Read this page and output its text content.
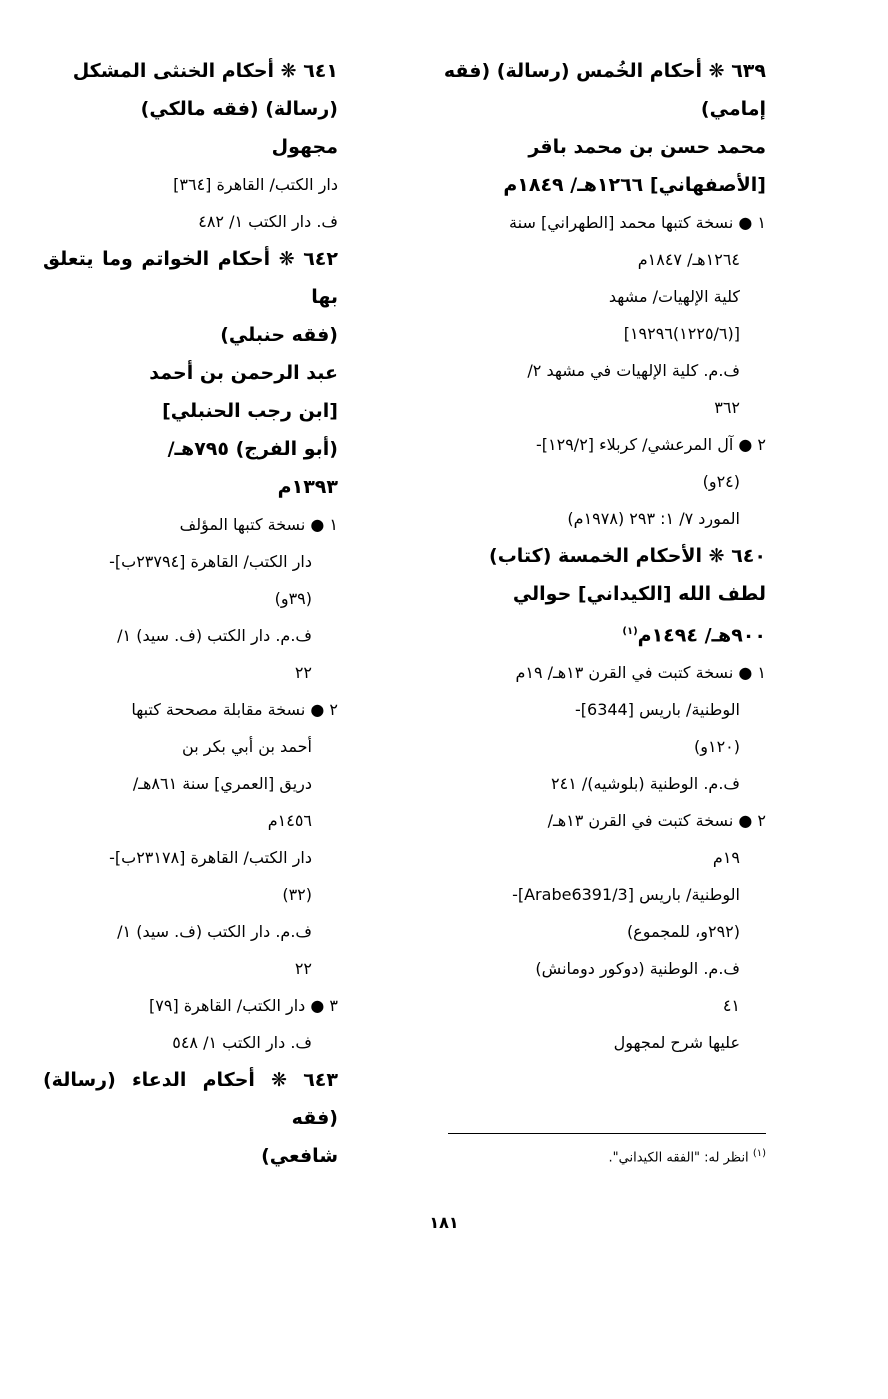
٦٣٩ ❋ أحكام الخُمس (رسالة) (فقه
إمامي)
محمد حسن بن محمد باقر
[الأصفهاني] ١٢٦٦هـ/ ١٨٤٩م
١ ● نسخة كتبها محمد [الطهراني] سنة
١٢٦٤هـ/ ١٨٤٧م
كلية الإلهيات/ مشهد
[(١٢٢٥/٦)١٩٢٩٦]
ف.م. كلية الإلهيات في مشهد ٢/
٣٦٢
٢ ● آل المرعشي/ كربلاء [١٢٩/٢]-
(٢٤و)
المورد ٧/ ١: ٢٩٣ (١٩٧٨م)
٦٤٠ ❋ الأحكام الخمسة (كتاب)
لطف الله [الكيداني] حوالي
٩٠٠هـ/ ١٤٩٤م$^{(١)}$
١ ● نسخة كتبت في القرن ١٣هـ/ ١٩م
الوطنية/ باريس [6344]-
(١٢٠و)
ف.م. الوطنية (بلوشيه)/ ٢٤١
٢ ● نسخة كتبت في القرن ١٣هـ/
١٩م
الوطنية/ باريس [Arabe6391/3]-
(٢٩٢و، للمجموع)
ف.م. الوطنية (دوكور دومانش)
٤١
عليها شرح لمجهول
٦٤١ ❋ أحكام الخنثى المشكل
(رسالة) (فقه مالكي)
مجهول
دار الكتب/ القاهرة [٣٦٤]
ف. دار الكتب ١/ ٤٨٢
٦٤٢ ❋ أحكام الخواتم وما يتعلق بها
(فقه حنبلي)
عبد الرحمن بن أحمد
[ابن رجب الحنبلي]
(أبو الفرج) ٧٩٥هـ/
١٣٩٣م
١ ● نسخة كتبها المؤلف
دار الكتب/ القاهرة [٢٣٧٩٤ب]-
(٣٩و)
ف.م. دار الكتب (ف. سيد) ١/
٢٢
٢ ● نسخة مقابلة مصححة كتبها
أحمد بن أبي بكر بن
دريق [العمري] سنة ٨٦١هـ/
١٤٥٦م
دار الكتب/ القاهرة [٢٣١٧٨ب]-
(٣٢)
ف.م. دار الكتب (ف. سيد) ١/
٢٢
٣ ● دار الكتب/ القاهرة [٧٩]
ف. دار الكتب ١/ ٥٤٨
٦٤٣ ❋ أحكام الدعاء (رسالة) (فقه
شافعي)	$^{(١)}$ انظر له: "الفقه الكيداني".
١٨١
